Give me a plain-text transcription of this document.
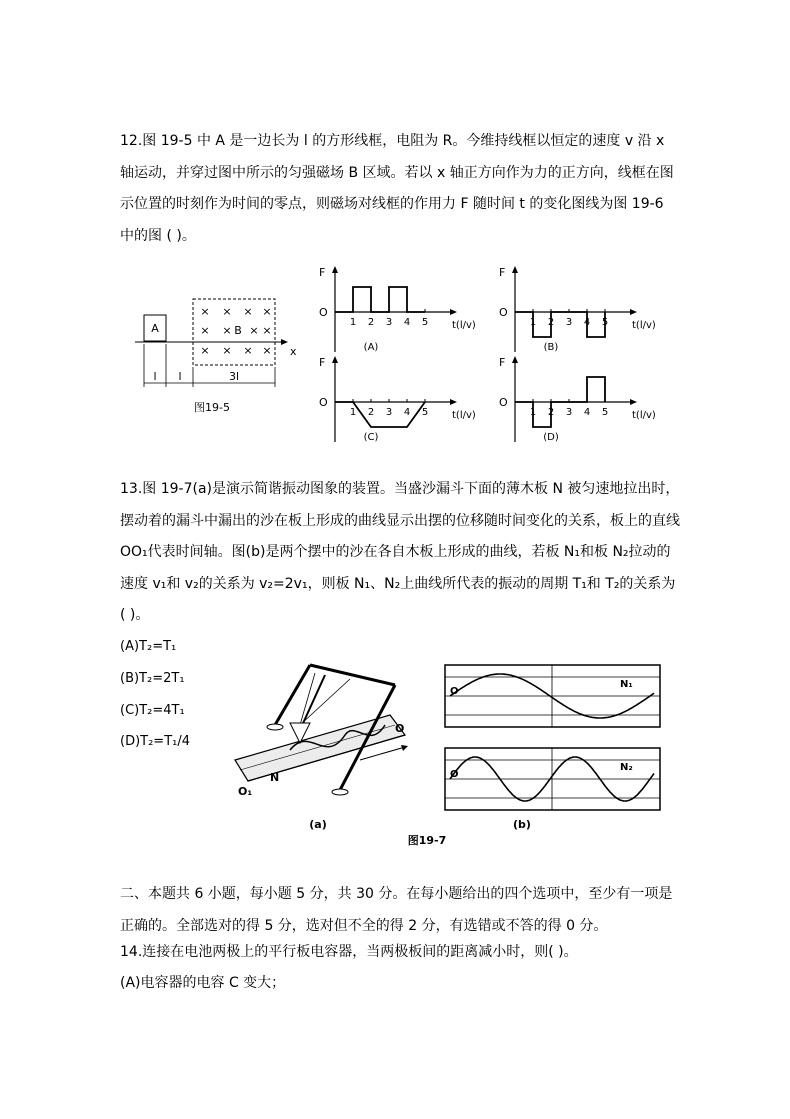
12.图 19-5 中 A 是一边长为 l 的方形线框，电阻为 R。今维持线框以恒定的速度 v 沿 x 轴运动，并穿过图中所示的匀强磁场 B 区域。若以 x 轴正方向作为力的正方向，线框在图示位置的时刻作为时间的零点，则磁场对线框的作用力 F 随时间 t 的变化图线为图 19-6 中的图 ( )。

A
× × × ×
× × × ×
× × × ×
B
x
l l	3l
图19-5
F
O
t(l/v)
1 2 3 4 5
(A)
F
O
t(l/v)
1 2 3 4 5
(B)
F
O
t(l/v)
1 2 3 4 5
(C)
F
O
t(l/v)
1 2 3 4 5
(D)

13.图 19-7(a)是演示简谐振动图象的装置。当盛沙漏斗下面的薄木板 N 被匀速地拉出时，摆动着的漏斗中漏出的沙在板上形成的曲线显示出摆的位移随时间变化的关系，板上的直线 OO₁代表时间轴。图(b)是两个摆中的沙在各自木板上形成的曲线，若板 N₁和板 N₂拉动的速度 v₁和 v₂的关系为 v₂=2v₁，则板 N₁、N₂上曲线所代表的振动的周期 T₁和 T₂的关系为( )。

(A)T₂=T₁
(B)T₂=2T₁
(C)T₂=4T₁
(D)T₂=T₁/4
O
O₁
N
(a)
N₂
O
N₁
O
(b)
图19-7

二、本题共 6 小题，每小题 5 分，共 30 分。在每小题给出的四个选项中，至少有一项是正确的。全部选对的得 5 分，选对但不全的得 2 分，有选错或不答的得 0 分。

14.连接在电池两极上的平行板电容器，当两极板间的距离减小时，则( )。
(A)电容器的电容 C 变大；
